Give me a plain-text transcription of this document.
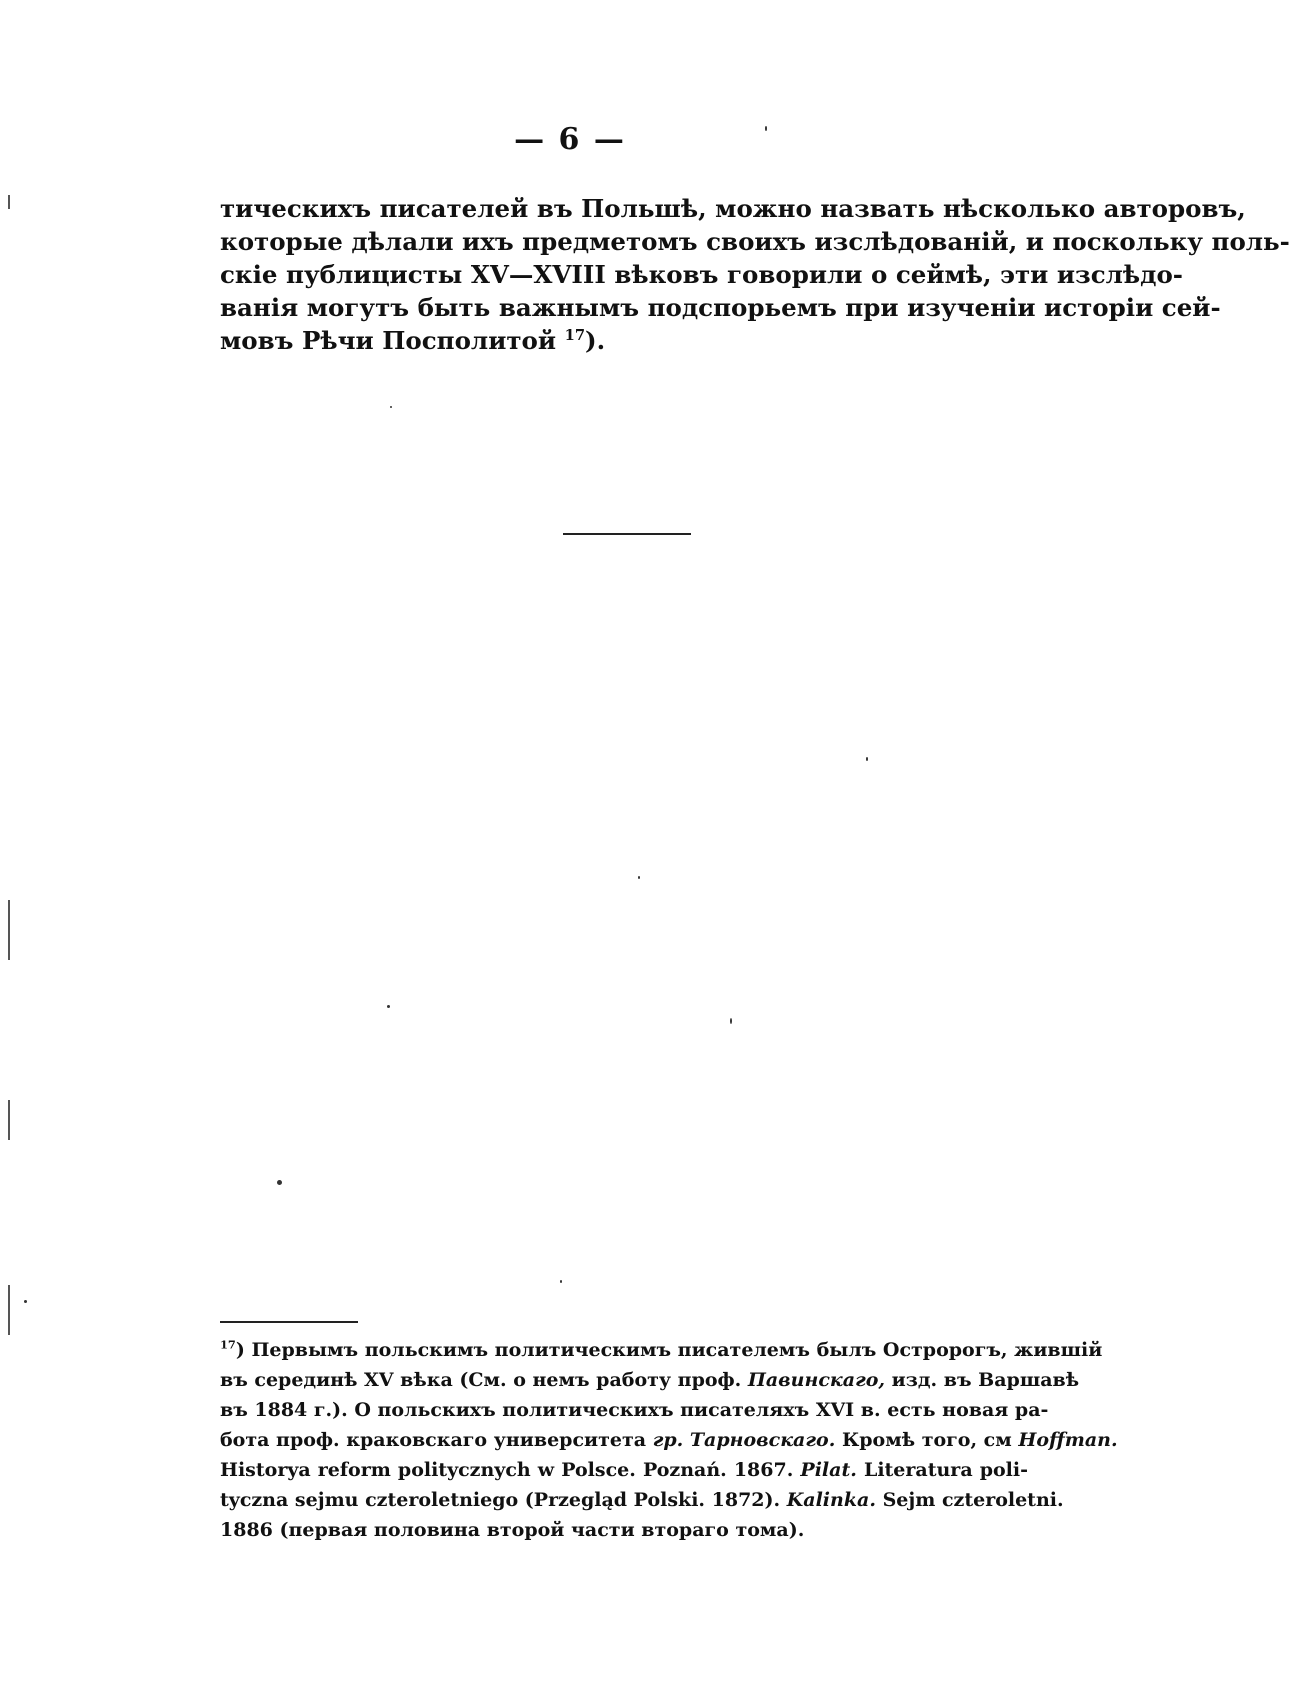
— 6 —
тическихъ писателей въ Польшѣ, можно назвать нѣсколько авторовъ,
которые дѣлали ихъ предметомъ своихъ изслѣдованій, и поскольку поль-
скіе публицисты XV—XVIII вѣковъ говорили о сеймѣ, эти изслѣдо-
ванія могутъ быть важнымъ подспорьемъ при изученіи исторіи сей-
мовъ Рѣчи Посполитой $^{17}$).
$^{17}$) Первымъ польскимъ политическимъ писателемъ былъ Остророгъ, жившій
въ серединѣ XV вѣка (См. о немъ работу проф. Павинскаго, изд. въ Варшавѣ
въ 1884 г.). О польскихъ политическихъ писателяхъ XVI в. есть новая ра-
бота проф. краковскаго университета гр. Тарновскаго. Кромѣ того, см Hoffman.
Historya reform politycznych w Polsce. Poznań. 1867. Pilat. Literatura poli-
tyczna sejmu czteroletniego (Przegląd Polski. 1872). Kalinka. Sejm czteroletni.
1886 (первая половина второй части втораго тома).
